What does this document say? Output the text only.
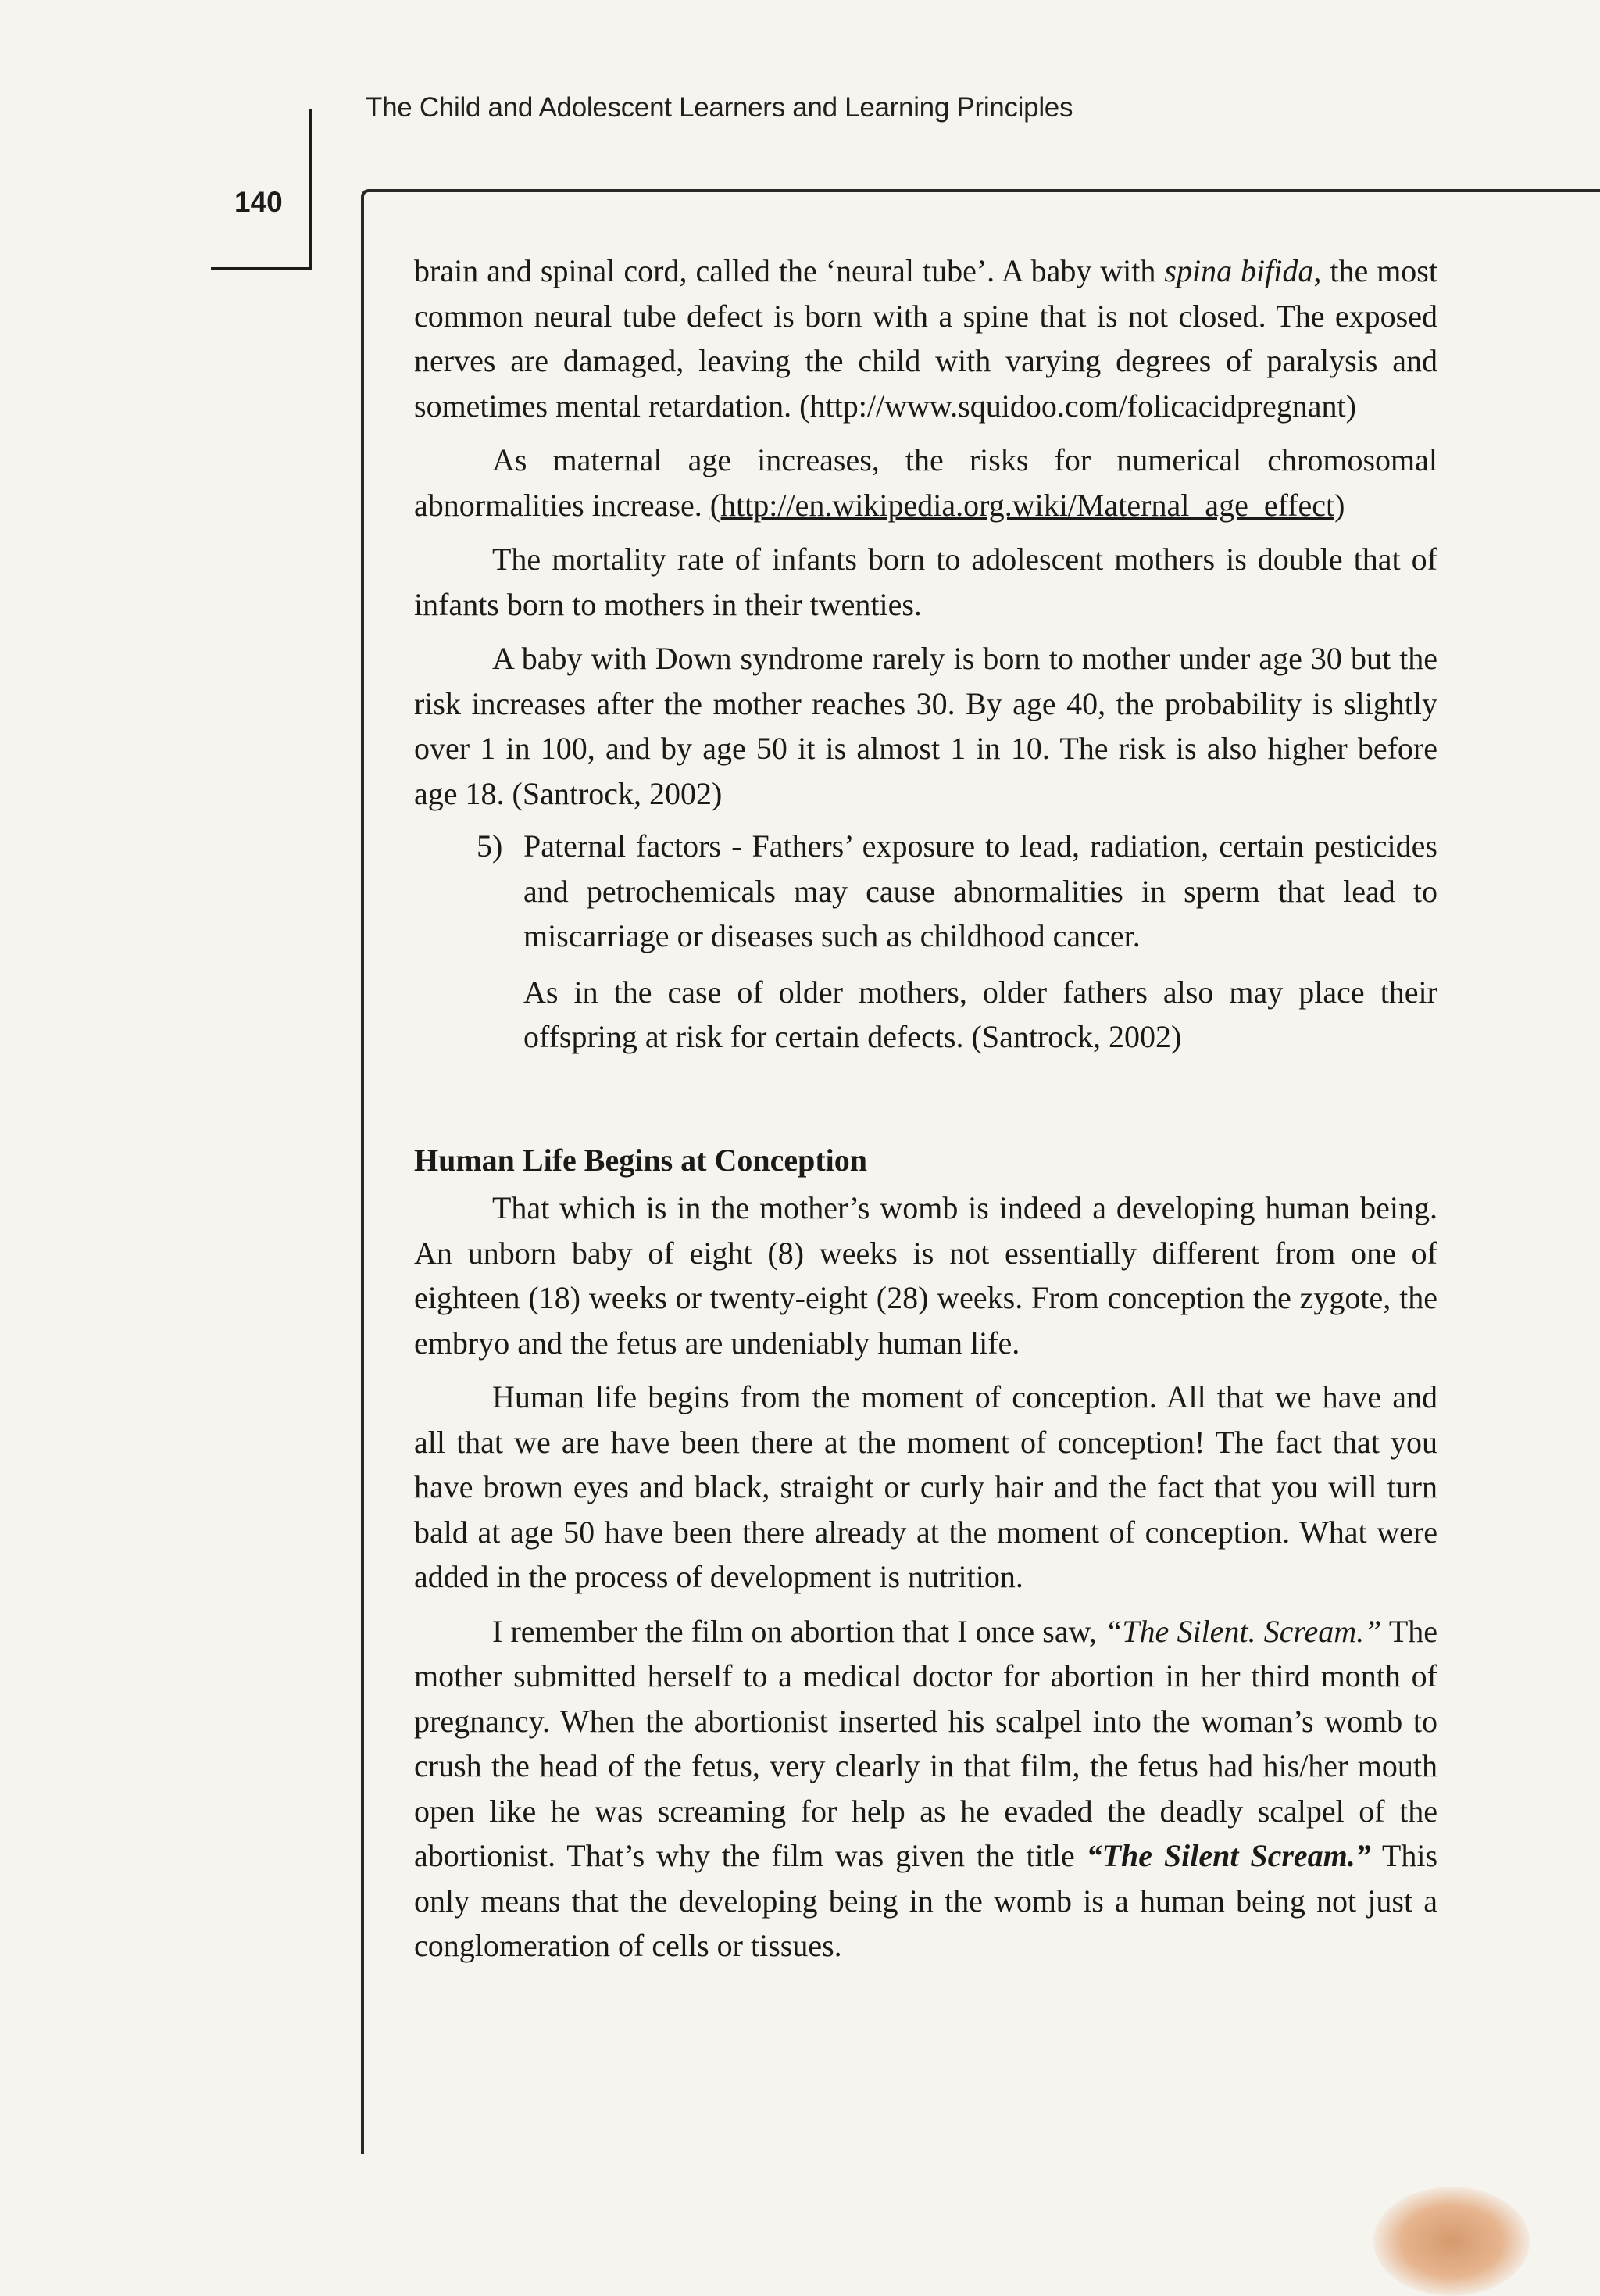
The Child and Adolescent Learners and Learning Principles
140

brain and spinal cord, called the ‘neural tube’. A baby with spina bifida, the most common neural tube defect is born with a spine that is not closed. The exposed nerves are damaged, leaving the child with varying degrees of paralysis and sometimes mental retardation. (http://www.squidoo.com/folicacidpregnant)

As maternal age increases, the risks for numerical chromosomal abnormalities increase. (http://en.wikipedia.org.wiki/Maternal_age_effect)

The mortality rate of infants born to adolescent mothers is double that of infants born to mothers in their twenties.

A baby with Down syndrome rarely is born to mother under age 30 but the risk increases after the mother reaches 30. By age 40, the probability is slightly over 1 in 100, and by age 50 it is almost 1 in 10. The risk is also higher before age 18. (Santrock, 2002)

5) Paternal factors - Fathers’ exposure to lead, radiation, certain pesticides and petrochemicals may cause abnormalities in sperm that lead to miscarriage or diseases such as childhood cancer.

As in the case of older mothers, older fathers also may place their offspring at risk for certain defects. (Santrock, 2002)

Human Life Begins at Conception

That which is in the mother’s womb is indeed a developing human being. An unborn baby of eight (8) weeks is not essentially different from one of eighteen (18) weeks or twenty-eight (28) weeks. From conception the zygote, the embryo and the fetus are undeniably human life.

Human life begins from the moment of conception. All that we have and all that we are have been there at the moment of conception! The fact that you have brown eyes and black, straight or curly hair and the fact that you will turn bald at age 50 have been there already at the moment of conception. What were added in the process of development is nutrition.

I remember the film on abortion that I once saw, “The Silent. Scream.” The mother submitted herself to a medical doctor for abortion in her third month of pregnancy. When the abortionist inserted his scalpel into the woman’s womb to crush the head of the fetus, very clearly in that film, the fetus had his/her mouth open like he was screaming for help as he evaded the deadly scalpel of the abortionist. That’s why the film was given the title “The Silent Scream.” This only means that the developing being in the womb is a human being not just a conglomeration of cells or tissues.
